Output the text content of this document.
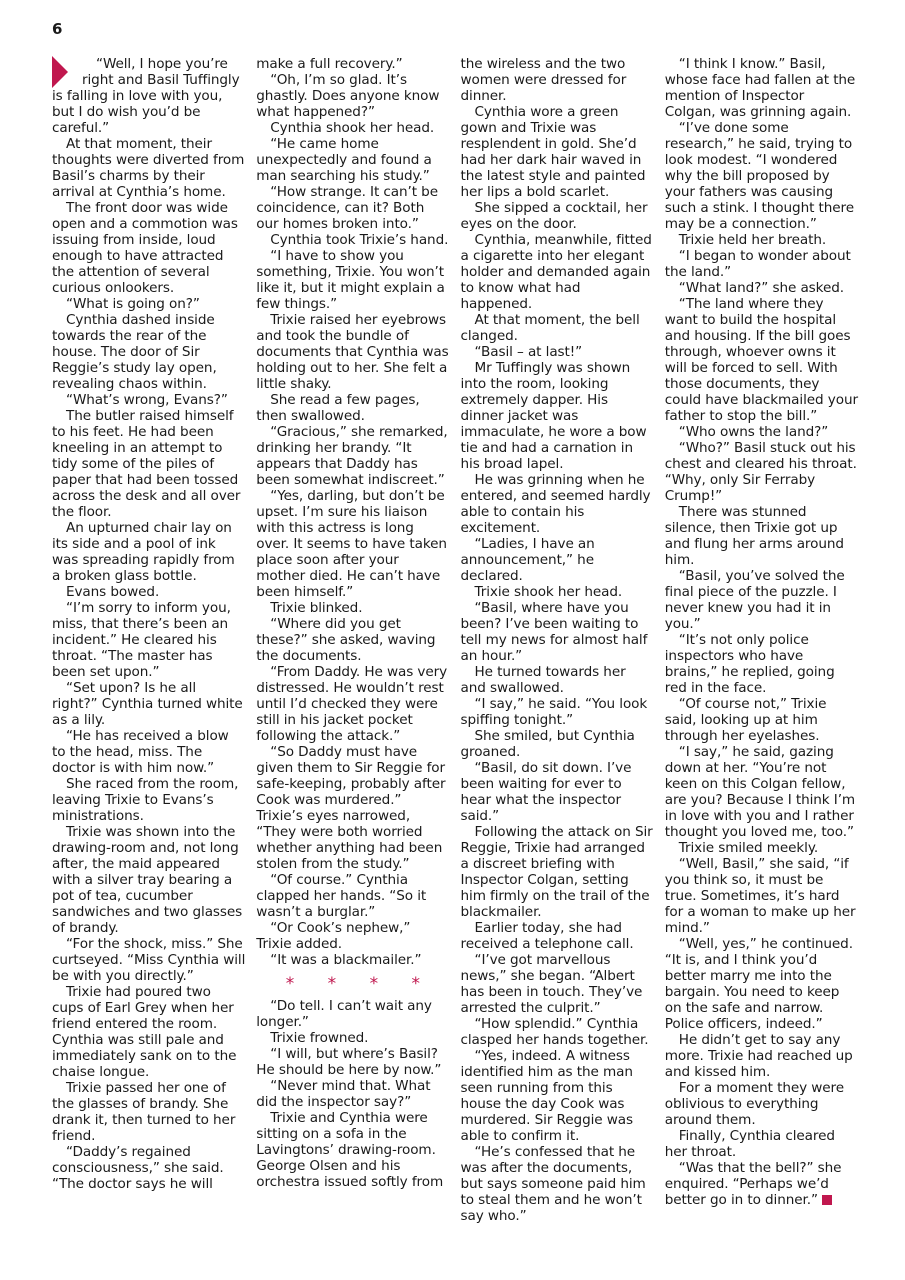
6

“Well, I hope you’re right and Basil Tuffingly is falling in love with you, but I do wish you’d be careful.”

At that moment, their thoughts were diverted from Basil’s charms by their arrival at Cynthia’s home.

The front door was wide open and a commotion was issuing from inside, loud enough to have attracted the attention of several curious onlookers.

“What is going on?”

Cynthia dashed inside towards the rear of the house. The door of Sir Reggie’s study lay open, revealing chaos within.

“What’s wrong, Evans?”

The butler raised himself to his feet. He had been kneeling in an attempt to tidy some of the piles of paper that had been tossed across the desk and all over the floor.

An upturned chair lay on its side and a pool of ink was spreading rapidly from a broken glass bottle.

Evans bowed.

“I’m sorry to inform you, miss, that there’s been an incident.” He cleared his throat. “The master has been set upon.”

“Set upon? Is he all right?” Cynthia turned white as a lily.

“He has received a blow to the head, miss. The doctor is with him now.”

She raced from the room, leaving Trixie to Evans’s ministrations.

Trixie was shown into the drawing-room and, not long after, the maid appeared with a silver tray bearing a pot of tea, cucumber sandwiches and two glasses of brandy.

“For the shock, miss.” She curtseyed. “Miss Cynthia will be with you directly.”

Trixie had poured two cups of Earl Grey when her friend entered the room. Cynthia was still pale and immediately sank on to the chaise longue.

Trixie passed her one of the glasses of brandy. She drank it, then turned to her friend.

“Daddy’s regained consciousness,” she said. “The doctor says he will

make a full recovery.”

“Oh, I’m so glad. It’s ghastly. Does anyone know what happened?”

Cynthia shook her head.

“He came home unexpectedly and found a man searching his study.”

“How strange. It can’t be coincidence, can it? Both our homes broken into.”

Cynthia took Trixie’s hand.

“I have to show you something, Trixie. You won’t like it, but it might explain a few things.”

Trixie raised her eyebrows and took the bundle of documents that Cynthia was holding out to her. She felt a little shaky.

She read a few pages, then swallowed.

“Gracious,” she remarked, drinking her brandy. “It appears that Daddy has been somewhat indiscreet.”

“Yes, darling, but don’t be upset. I’m sure his liaison with this actress is long over. It seems to have taken place soon after your mother died. He can’t have been himself.”

Trixie blinked.

“Where did you get these?” she asked, waving the documents.

“From Daddy. He was very distressed. He wouldn’t rest until I’d checked they were still in his jacket pocket following the attack.”

“So Daddy must have given them to Sir Reggie for safe-keeping, probably after Cook was murdered.” Trixie’s eyes narrowed, “They were both worried whether anything had been stolen from the study.”

“Of course.” Cynthia clapped her hands. “So it wasn’t a burglar.”

“Or Cook’s nephew,” Trixie added.

“It was a blackmailer.”

* * * *

“Do tell. I can’t wait any longer.”

Trixie frowned.

“I will, but where’s Basil? He should be here by now.”

“Never mind that. What did the inspector say?”

Trixie and Cynthia were sitting on a sofa in the Lavingtons’ drawing-room. George Olsen and his orchestra issued softly from

the wireless and the two women were dressed for dinner.

Cynthia wore a green gown and Trixie was resplendent in gold. She’d had her dark hair waved in the latest style and painted her lips a bold scarlet.

She sipped a cocktail, her eyes on the door.

Cynthia, meanwhile, fitted a cigarette into her elegant holder and demanded again to know what had happened.

At that moment, the bell clanged.

“Basil – at last!”

Mr Tuffingly was shown into the room, looking extremely dapper. His dinner jacket was immaculate, he wore a bow tie and had a carnation in his broad lapel.

He was grinning when he entered, and seemed hardly able to contain his excitement.

“Ladies, I have an announcement,” he declared.

Trixie shook her head.

“Basil, where have you been? I’ve been waiting to tell my news for almost half an hour.”

He turned towards her and swallowed.

“I say,” he said. “You look spiffing tonight.”

She smiled, but Cynthia groaned.

“Basil, do sit down. I’ve been waiting for ever to hear what the inspector said.”

Following the attack on Sir Reggie, Trixie had arranged a discreet briefing with Inspector Colgan, setting him firmly on the trail of the blackmailer.

Earlier today, she had received a telephone call.

“I’ve got marvellous news,” she began. “Albert has been in touch. They’ve arrested the culprit.”

“How splendid.” Cynthia clasped her hands together.

“Yes, indeed. A witness identified him as the man seen running from this house the day Cook was murdered. Sir Reggie was able to confirm it.

“He’s confessed that he was after the documents, but says someone paid him to steal them and he won’t say who.”

“I think I know.” Basil, whose face had fallen at the mention of Inspector Colgan, was grinning again.

“I’ve done some research,” he said, trying to look modest. “I wondered why the bill proposed by your fathers was causing such a stink. I thought there may be a connection.”

Trixie held her breath.

“I began to wonder about the land.”

“What land?” she asked.

“The land where they want to build the hospital and housing. If the bill goes through, whoever owns it will be forced to sell. With those documents, they could have blackmailed your father to stop the bill.”

“Who owns the land?”

“Who?” Basil stuck out his chest and cleared his throat. “Why, only Sir Ferraby Crump!”

There was stunned silence, then Trixie got up and flung her arms around him.

“Basil, you’ve solved the final piece of the puzzle. I never knew you had it in you.”

“It’s not only police inspectors who have brains,” he replied, going red in the face.

“Of course not,” Trixie said, looking up at him through her eyelashes.

“I say,” he said, gazing down at her. “You’re not keen on this Colgan fellow, are you? Because I think I’m in love with you and I rather thought you loved me, too.”

Trixie smiled meekly.

“Well, Basil,” she said, “if you think so, it must be true. Sometimes, it’s hard for a woman to make up her mind.”

“Well, yes,” he continued. “It is, and I think you’d better marry me into the bargain. You need to keep on the safe and narrow. Police officers, indeed.”

He didn’t get to say any more. Trixie had reached up and kissed him.

For a moment they were oblivious to everything around them.

Finally, Cynthia cleared her throat.

“Was that the bell?” she enquired. “Perhaps we’d better go in to dinner.”
